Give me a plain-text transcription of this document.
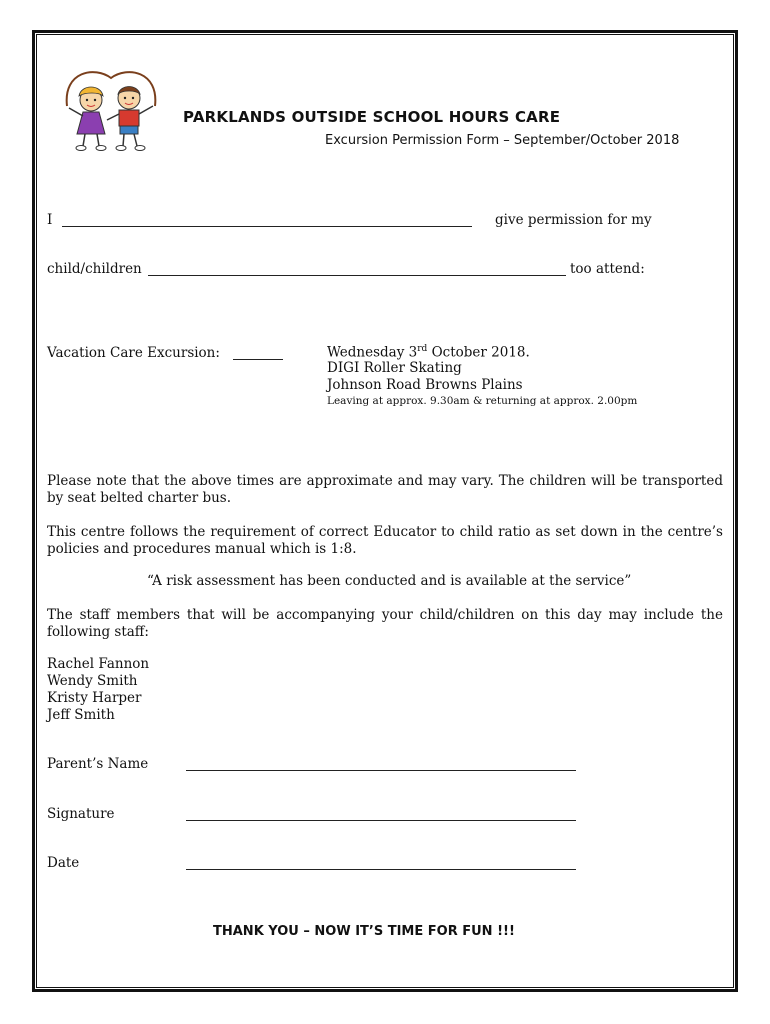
PARKLANDS OUTSIDE SCHOOL HOURS CARE
Excursion Permission Form – September/October 2018
I	give permission for my
child/children	too attend:
Vacation Care Excursion:	Wednesday 3rd October 2018.
DIGI Roller Skating
Johnson Road Browns Plains
Leaving at approx. 9.30am & returning at approx. 2.00pm
Please note that the above times are approximate and may vary. The children will be transported by seat belted charter bus.
This centre follows the requirement of correct Educator to child ratio as set down in the centre’s policies and procedures manual which is 1:8.
“A risk assessment has been conducted and is available at the service”
The staff members that will be accompanying your child/children on this day may include the following staff:
Rachel Fannon
Wendy Smith
Kristy Harper
Jeff Smith
Parent’s Name
Signature
Date
THANK YOU – NOW IT’S TIME FOR FUN !!!
